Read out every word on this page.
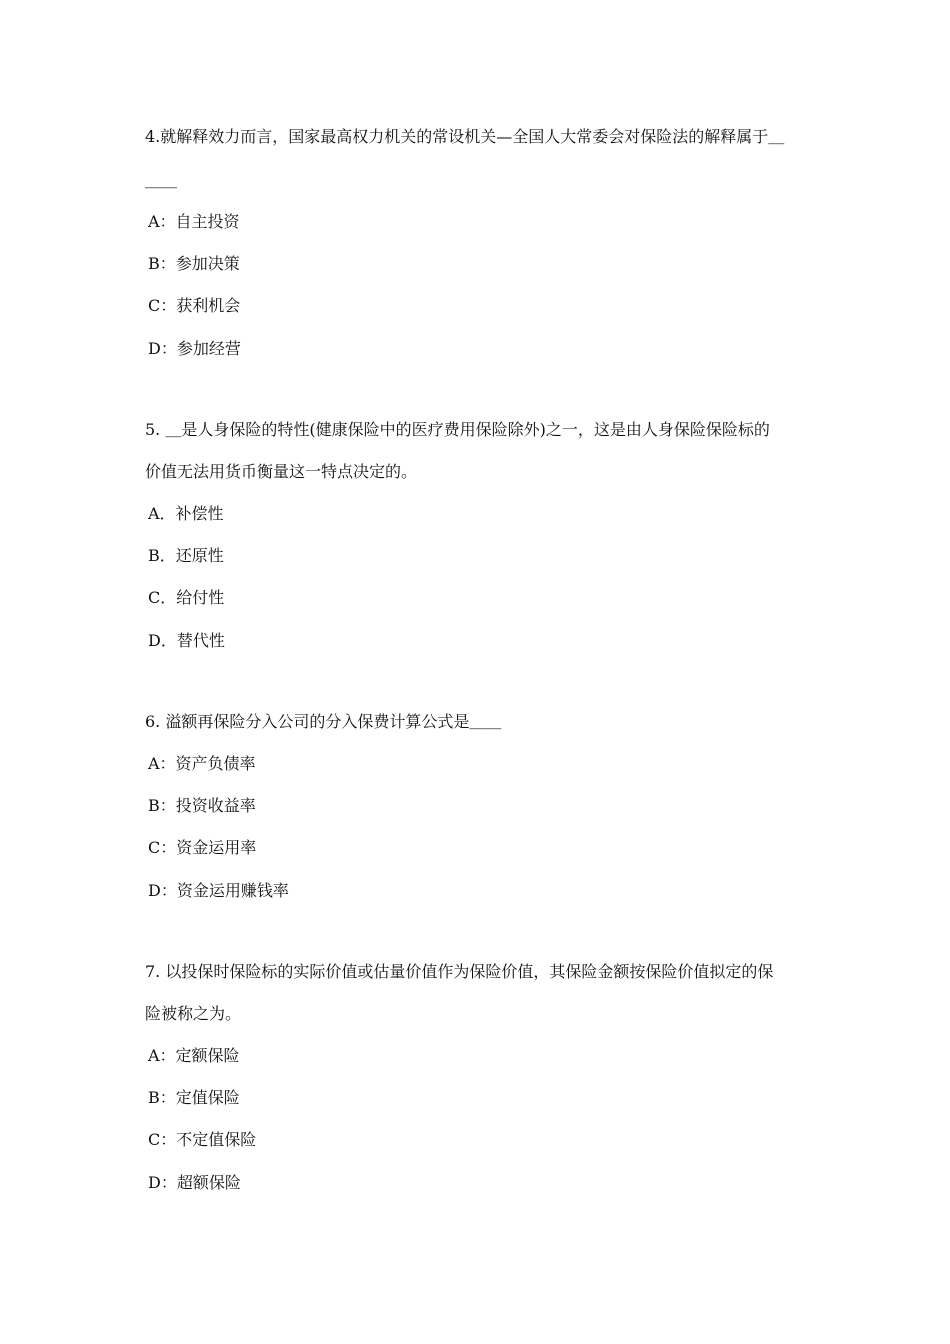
4.就解释效力而言，国家最高权力机关的常设机关—全国人大常委会对保险法的解释属于＿

＿＿

A：自主投资

B：参加决策

C：获利机会

D：参加经营

5. ＿是人身保险的特性(健康保险中的医疗费用保险除外)之一，这是由人身保险保险标的

价值无法用货币衡量这一特点决定的。

A．补偿性

B．还原性

C．给付性

D．替代性

6. 溢额再保险分入公司的分入保费计算公式是＿＿

A：资产负债率

B：投资收益率

C：资金运用率

D：资金运用赚钱率

7. 以投保时保险标的实际价值或估量价值作为保险价值，其保险金额按保险价值拟定的保

险被称之为。

A：定额保险

B：定值保险

C：不定值保险

D：超额保险
